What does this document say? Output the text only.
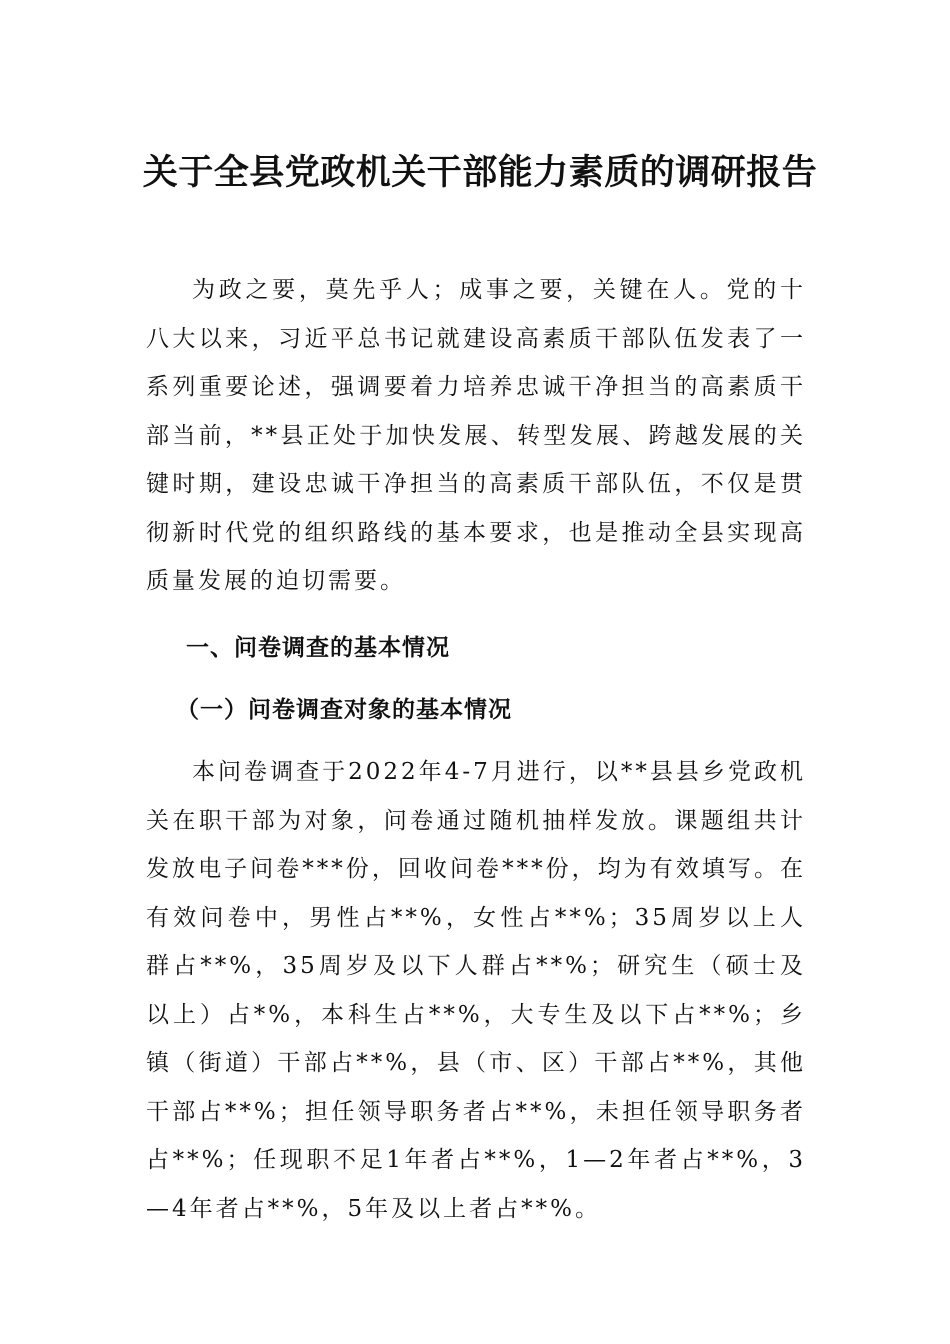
关于全县党政机关干部能力素质的调研报告

为政之要，莫先乎人；成事之要，关键在人。党的十八大以来，习近平总书记就建设高素质干部队伍发表了一系列重要论述，强调要着力培养忠诚干净担当的高素质干部当前，**县正处于加快发展、转型发展、跨越发展的关键时期，建设忠诚干净担当的高素质干部队伍，不仅是贯彻新时代党的组织路线的基本要求，也是推动全县实现高质量发展的迫切需要。

一、问卷调查的基本情况
（一）问卷调查对象的基本情况

本问卷调查于2022年4-7月进行，以**县县乡党政机关在职干部为对象，问卷通过随机抽样发放。课题组共计发放电子问卷***份，回收问卷***份，均为有效填写。在有效问卷中，男性占**%，女性占**%；35周岁以上人群占**%，35周岁及以下人群占**%；研究生（硕士及以上）占*%，本科生占**%，大专生及以下占**%；乡镇（街道）干部占**%，县（市、区）干部占**%，其他干部占**%；担任领导职务者占**%，未担任领导职务者占**%；任现职不足1年者占**%，1—2年者占**%，3—4年者占**%，5年及以上者占**%。
